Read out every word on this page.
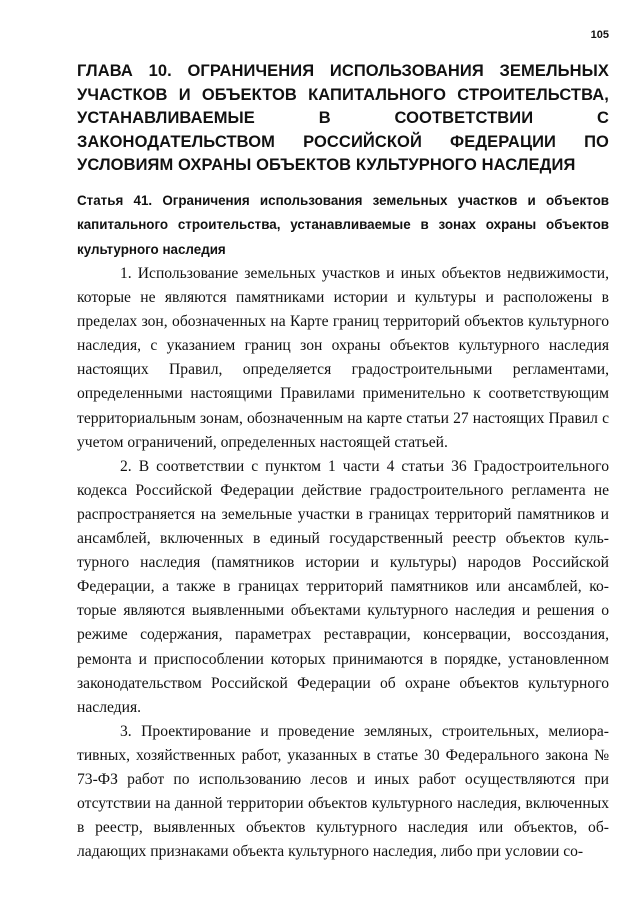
105
ГЛАВА 10. ОГРАНИЧЕНИЯ ИСПОЛЬЗОВАНИЯ ЗЕМЕЛЬНЫХ УЧАСТКОВ И ОБЪЕКТОВ КАПИТАЛЬНОГО СТРОИТЕЛЬСТВА, УСТАНАВЛИВАЕМЫЕ В СООТВЕТСТВИИ С ЗАКОНОДАТЕЛЬСТВОМ РОССИЙСКОЙ ФЕДЕРАЦИИ ПО УСЛОВИЯМ ОХРАНЫ ОБЪЕКТОВ КУЛЬТУРНОГО НАСЛЕДИЯ
Статья 41. Ограничения использования земельных участков и объектов капитального строительства, устанавливаемые в зонах охраны объектов культурного наследия

1. Использование земельных участков и иных объектов недвижимости, которые не являются памятниками истории и культуры и расположены в пределах зон, обозначенных на Карте границ территорий объектов культурного наследия, с указанием границ зон охраны объектов культурного наследия настоящих Правил, определяется градостроительными регламентами, определенными настоящими Правилами применительно к соответствующим территориальным зонам, обозначенным на карте статьи 27 настоящих Правил с учетом ограничений, определенных настоящей статьей.

2. В соответствии с пунктом 1 части 4 статьи 36 Градостроительного кодекса Российской Федерации действие градостроительного регламента не распространяется на земельные участки в границах территорий памятников и ансамблей, включенных в единый государственный реестр объектов культурного наследия (памятников истории и культуры) народов Российской Федерации, а также в границах территорий памятников или ансамблей, которые являются выявленными объектами культурного наследия и решения о режиме содержания, параметрах реставрации, консервации, воссоздания, ремонта и приспособлении которых принимаются в порядке, установленном законодательством Российской Федерации об охране объектов культурного наследия.

3. Проектирование и проведение земляных, строительных, мелиоративных, хозяйственных работ, указанных в статье 30 Федерального закона № 73-ФЗ работ по использованию лесов и иных работ осуществляются при отсутствии на данной территории объектов культурного наследия, включенных в реестр, выявленных объектов культурного наследия или объектов, обладающих признаками объекта культурного наследия, либо при условии со-
